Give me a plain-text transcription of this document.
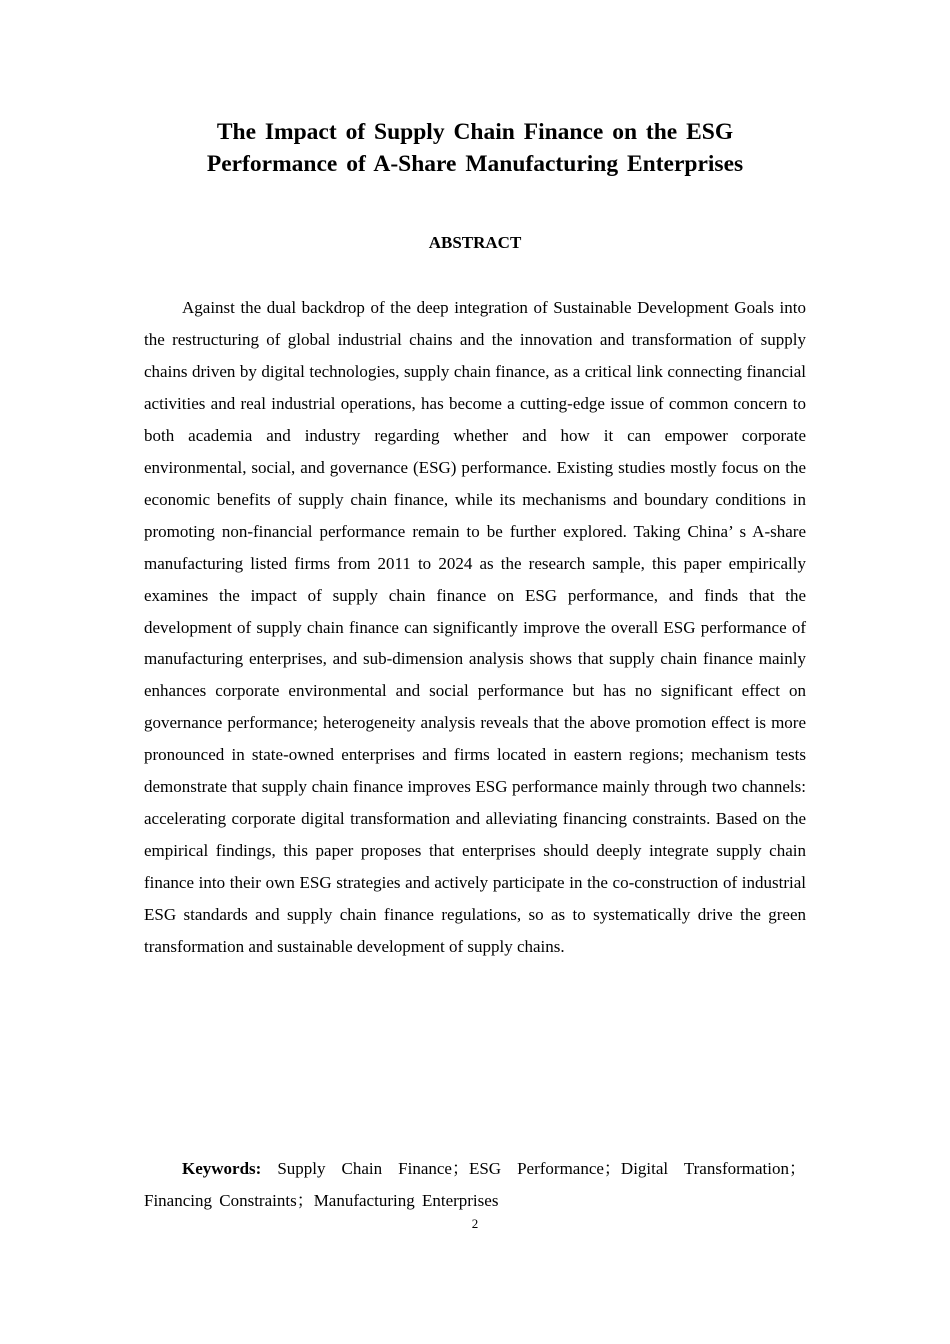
The Impact of Supply Chain Finance on the ESG
Performance of A-Share Manufacturing Enterprises
ABSTRACT

Against the dual backdrop of the deep integration of Sustainable Development Goals into the restructuring of global industrial chains and the innovation and transformation of supply chains driven by digital technologies, supply chain finance, as a critical link connecting financial activities and real industrial operations, has become a cutting-edge issue of common concern to both academia and industry regarding whether and how it can empower corporate environmental, social, and governance (ESG) performance. Existing studies mostly focus on the economic benefits of supply chain finance, while its mechanisms and boundary conditions in promoting non-financial performance remain to be further explored. Taking China’ s A-share manufacturing listed firms from 2011 to 2024 as the research sample, this paper empirically examines the impact of supply chain finance on ESG performance, and finds that the development of supply chain finance can significantly improve the overall ESG performance of manufacturing enterprises, and sub-dimension analysis shows that supply chain finance mainly enhances corporate environmental and social performance but has no significant effect on governance performance; heterogeneity analysis reveals that the above promotion effect is more pronounced in state-owned enterprises and firms located in eastern regions; mechanism tests demonstrate that supply chain finance improves ESG performance mainly through two channels: accelerating corporate digital transformation and alleviating financing constraints. Based on the empirical findings, this paper proposes that enterprises should deeply integrate supply chain finance into their own ESG strategies and actively participate in the co-construction of industrial ESG standards and supply chain finance regulations, so as to systematically drive the green transformation and sustainable development of supply chains.

Keywords: Supply Chain Finance；ESG Performance；Digital Transformation；Financing Constraints；Manufacturing Enterprises

2
